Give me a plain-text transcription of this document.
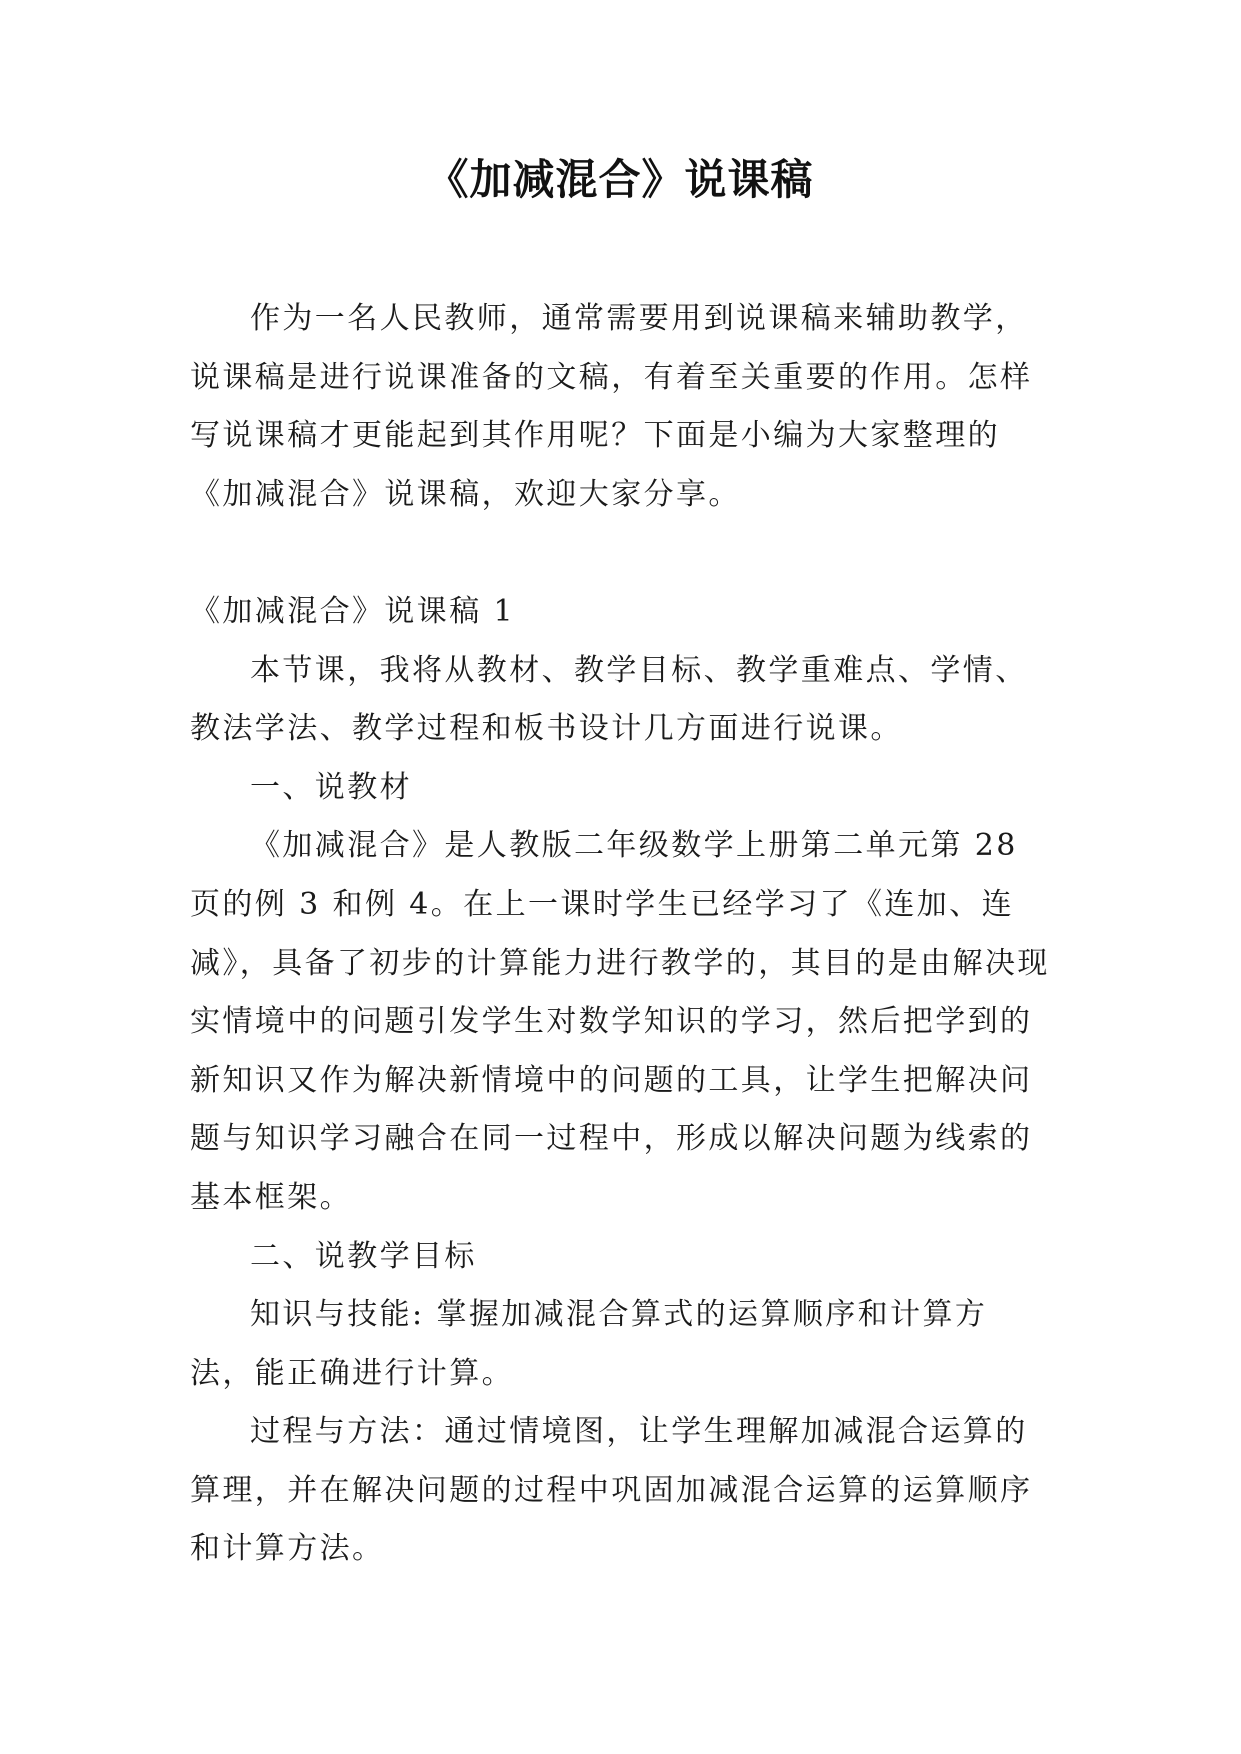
《加减混合》说课稿

作为一名人民教师，通常需要用到说课稿来辅助教学，说课稿是进行说课准备的文稿，有着至关重要的作用。怎样写说课稿才更能起到其作用呢？下面是小编为大家整理的《加减混合》说课稿，欢迎大家分享。

《加减混合》说课稿 1

本节课，我将从教材、教学目标、教学重难点、学情、教法学法、教学过程和板书设计几方面进行说课。

一、说教材

《加减混合》是人教版二年级数学上册第二单元第 28 页的例 3 和例 4。在上一课时学生已经学习了《连加、连减》，具备了初步的计算能力进行教学的，其目的是由解决现实情境中的问题引发学生对数学知识的学习，然后把学到的新知识又作为解决新情境中的问题的工具，让学生把解决问题与知识学习融合在同一过程中，形成以解决问题为线索的基本框架。

二、说教学目标

知识与技能: 掌握加减混合算式的运算顺序和计算方法，能正确进行计算。

过程与方法：通过情境图，让学生理解加减混合运算的算理，并在解决问题的过程中巩固加减混合运算的运算顺序和计算方法。
